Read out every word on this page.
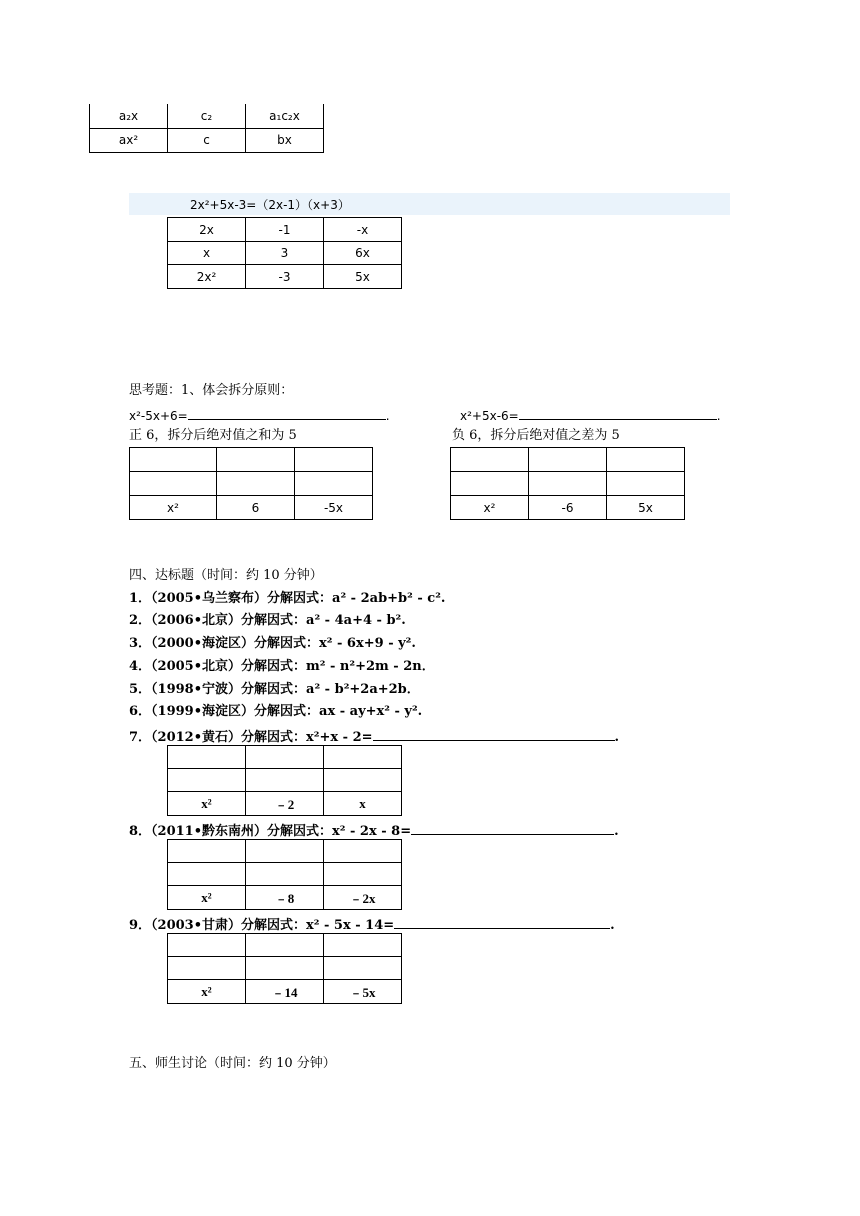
a₂x	c₂	a₁c₂x
ax²	c	bx
2x²+5x-3=（2x-1）（x+3）
2x	-1	-x
x	3	6x
2x²	-3	5x
思考题：1、体会拆分原则：
x²-5x+6=	.	x²+5x-6=	.
正 6，拆分后绝对值之和为 5	负 6，拆分后绝对值之差为 5

x²	6	-5x

			x²	-6	5x
四、达标题（时间：约 10 分钟）
1．（2005•乌兰察布）分解因式：a² - 2ab+b² - c².
2．（2006•北京）分解因式：a² - 4a+4 - b².
3．（2000•海淀区）分解因式：x² - 6x+9 - y².
4．（2005•北京）分解因式：m² - n²+2m - 2n．
5．（1998•宁波）分解因式：a² - b²+2a+2b．
6．（1999•海淀区）分解因式：ax - ay+x² - y².
7．（2012•黄石）分解因式：x²+x - 2=	.

x²	﹣2	x
8．（2011•黔东南州）分解因式：x² - 2x - 8=	.

x²	﹣8	﹣2x
9．（2003•甘肃）分解因式：x² - 5x - 14=	.

x²	﹣14	﹣5x
五、师生讨论（时间：约 10 分钟）
